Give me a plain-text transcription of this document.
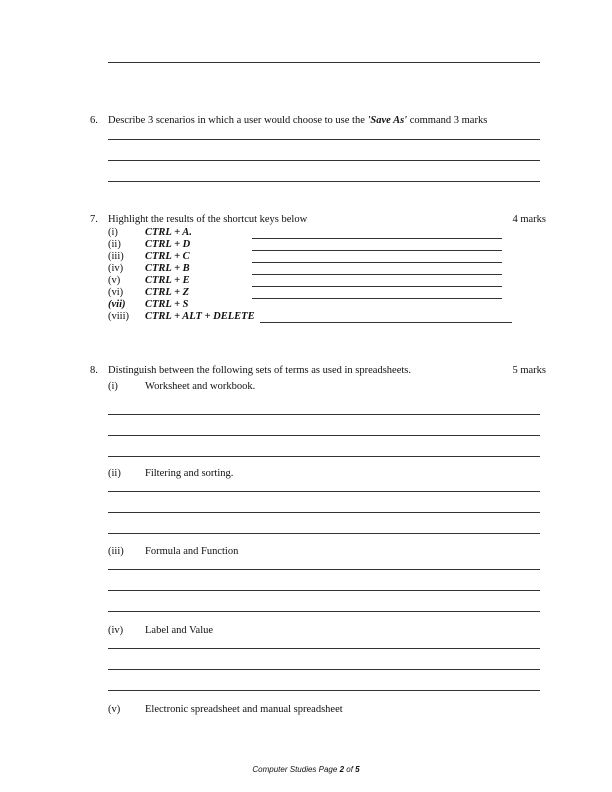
6. Describe 3 scenarios in which a user would choose to use the 'Save As' command 3 marks
7. Highlight the results of the shortcut keys below	4 marks
(i)	CTRL + A.
(ii) CTRL + D
(iii) CTRL + C
(iv) CTRL + B
(v) CTRL + E
(vi) CTRL + Z
(vii) CTRL + S
(viii) CTRL + ALT + DELETE
8. Distinguish between the following sets of terms as used in spreadsheets.	5 marks
(i)	Worksheet and workbook.
(ii) Filtering and sorting.
(iii) Formula and Function
(iv) Label and Value
(v) Electronic spreadsheet and manual spreadsheet
Computer Studies Page 2 of 5
